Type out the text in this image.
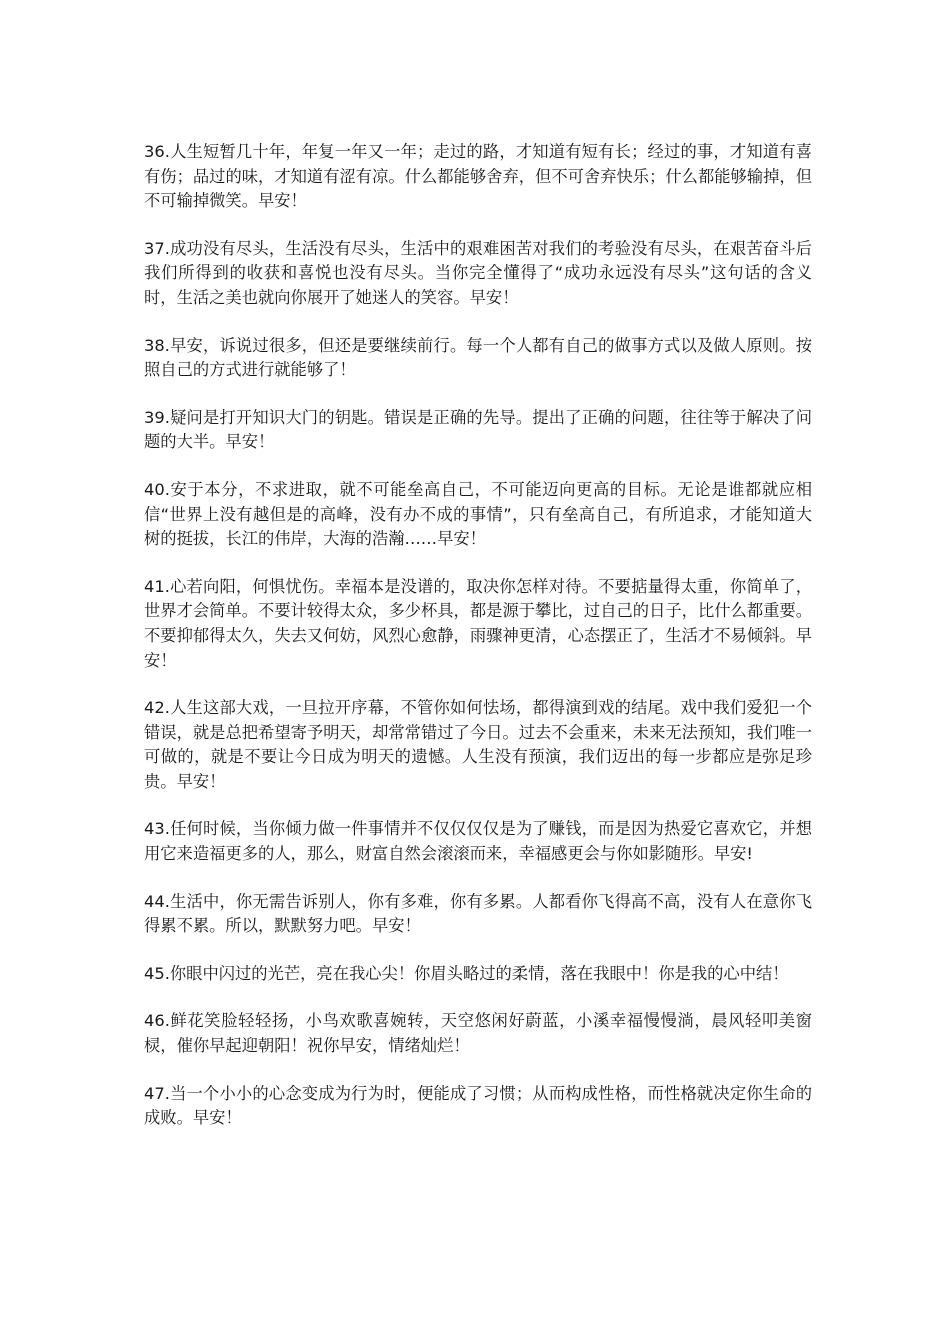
36.人生短暂几十年，年复一年又一年；走过的路，才知道有短有长；经过的事，才知道有喜有伤；品过的味，才知道有涩有凉。什么都能够舍弃，但不可舍弃快乐；什么都能够输掉，但不可输掉微笑。早安！

37.成功没有尽头，生活没有尽头，生活中的艰难困苦对我们的考验没有尽头，在艰苦奋斗后我们所得到的收获和喜悦也没有尽头。当你完全懂得了“成功永远没有尽头”这句话的含义时，生活之美也就向你展开了她迷人的笑容。早安！

38.早安，诉说过很多，但还是要继续前行。每一个人都有自己的做事方式以及做人原则。按照自己的方式进行就能够了！

39.疑问是打开知识大门的钥匙。错误是正确的先导。提出了正确的问题，往往等于解决了问题的大半。早安！

40.安于本分，不求进取，就不可能垒高自己，不可能迈向更高的目标。无论是谁都就应相信“世界上没有越但是的高峰，没有办不成的事情”，只有垒高自己，有所追求，才能知道大树的挺拔，长江的伟岸，大海的浩瀚……早安！

41.心若向阳，何惧忧伤。幸福本是没谱的，取决你怎样对待。不要掂量得太重，你简单了，世界才会简单。不要计较得太众，多少杯具，都是源于攀比，过自己的日子，比什么都重要。不要抑郁得太久，失去又何妨，风烈心愈静，雨骤神更清，心态摆正了，生活才不易倾斜。早安！

42.人生这部大戏，一旦拉开序幕，不管你如何怯场，都得演到戏的结尾。戏中我们爱犯一个错误，就是总把希望寄予明天，却常常错过了今日。过去不会重来，未来无法预知，我们唯一可做的，就是不要让今日成为明天的遗憾。人生没有预演，我们迈出的每一步都应是弥足珍贵。早安！

43.任何时候，当你倾力做一件事情并不仅仅仅仅是为了赚钱，而是因为热爱它喜欢它，并想用它来造福更多的人，那么，财富自然会滚滚而来，幸福感更会与你如影随形。早安!

44.生活中，你无需告诉别人，你有多难，你有多累。人都看你飞得高不高，没有人在意你飞得累不累。所以，默默努力吧。早安！

45.你眼中闪过的光芒，亮在我心尖！你眉头略过的柔情，落在我眼中！你是我的心中结！

46.鲜花笑脸轻轻扬，小鸟欢歌喜婉转，天空悠闲好蔚蓝，小溪幸福慢慢淌，晨风轻叩美窗棂，催你早起迎朝阳！祝你早安，情绪灿烂！

47.当一个小小的心念变成为行为时，便能成了习惯；从而构成性格，而性格就决定你生命的成败。早安！
